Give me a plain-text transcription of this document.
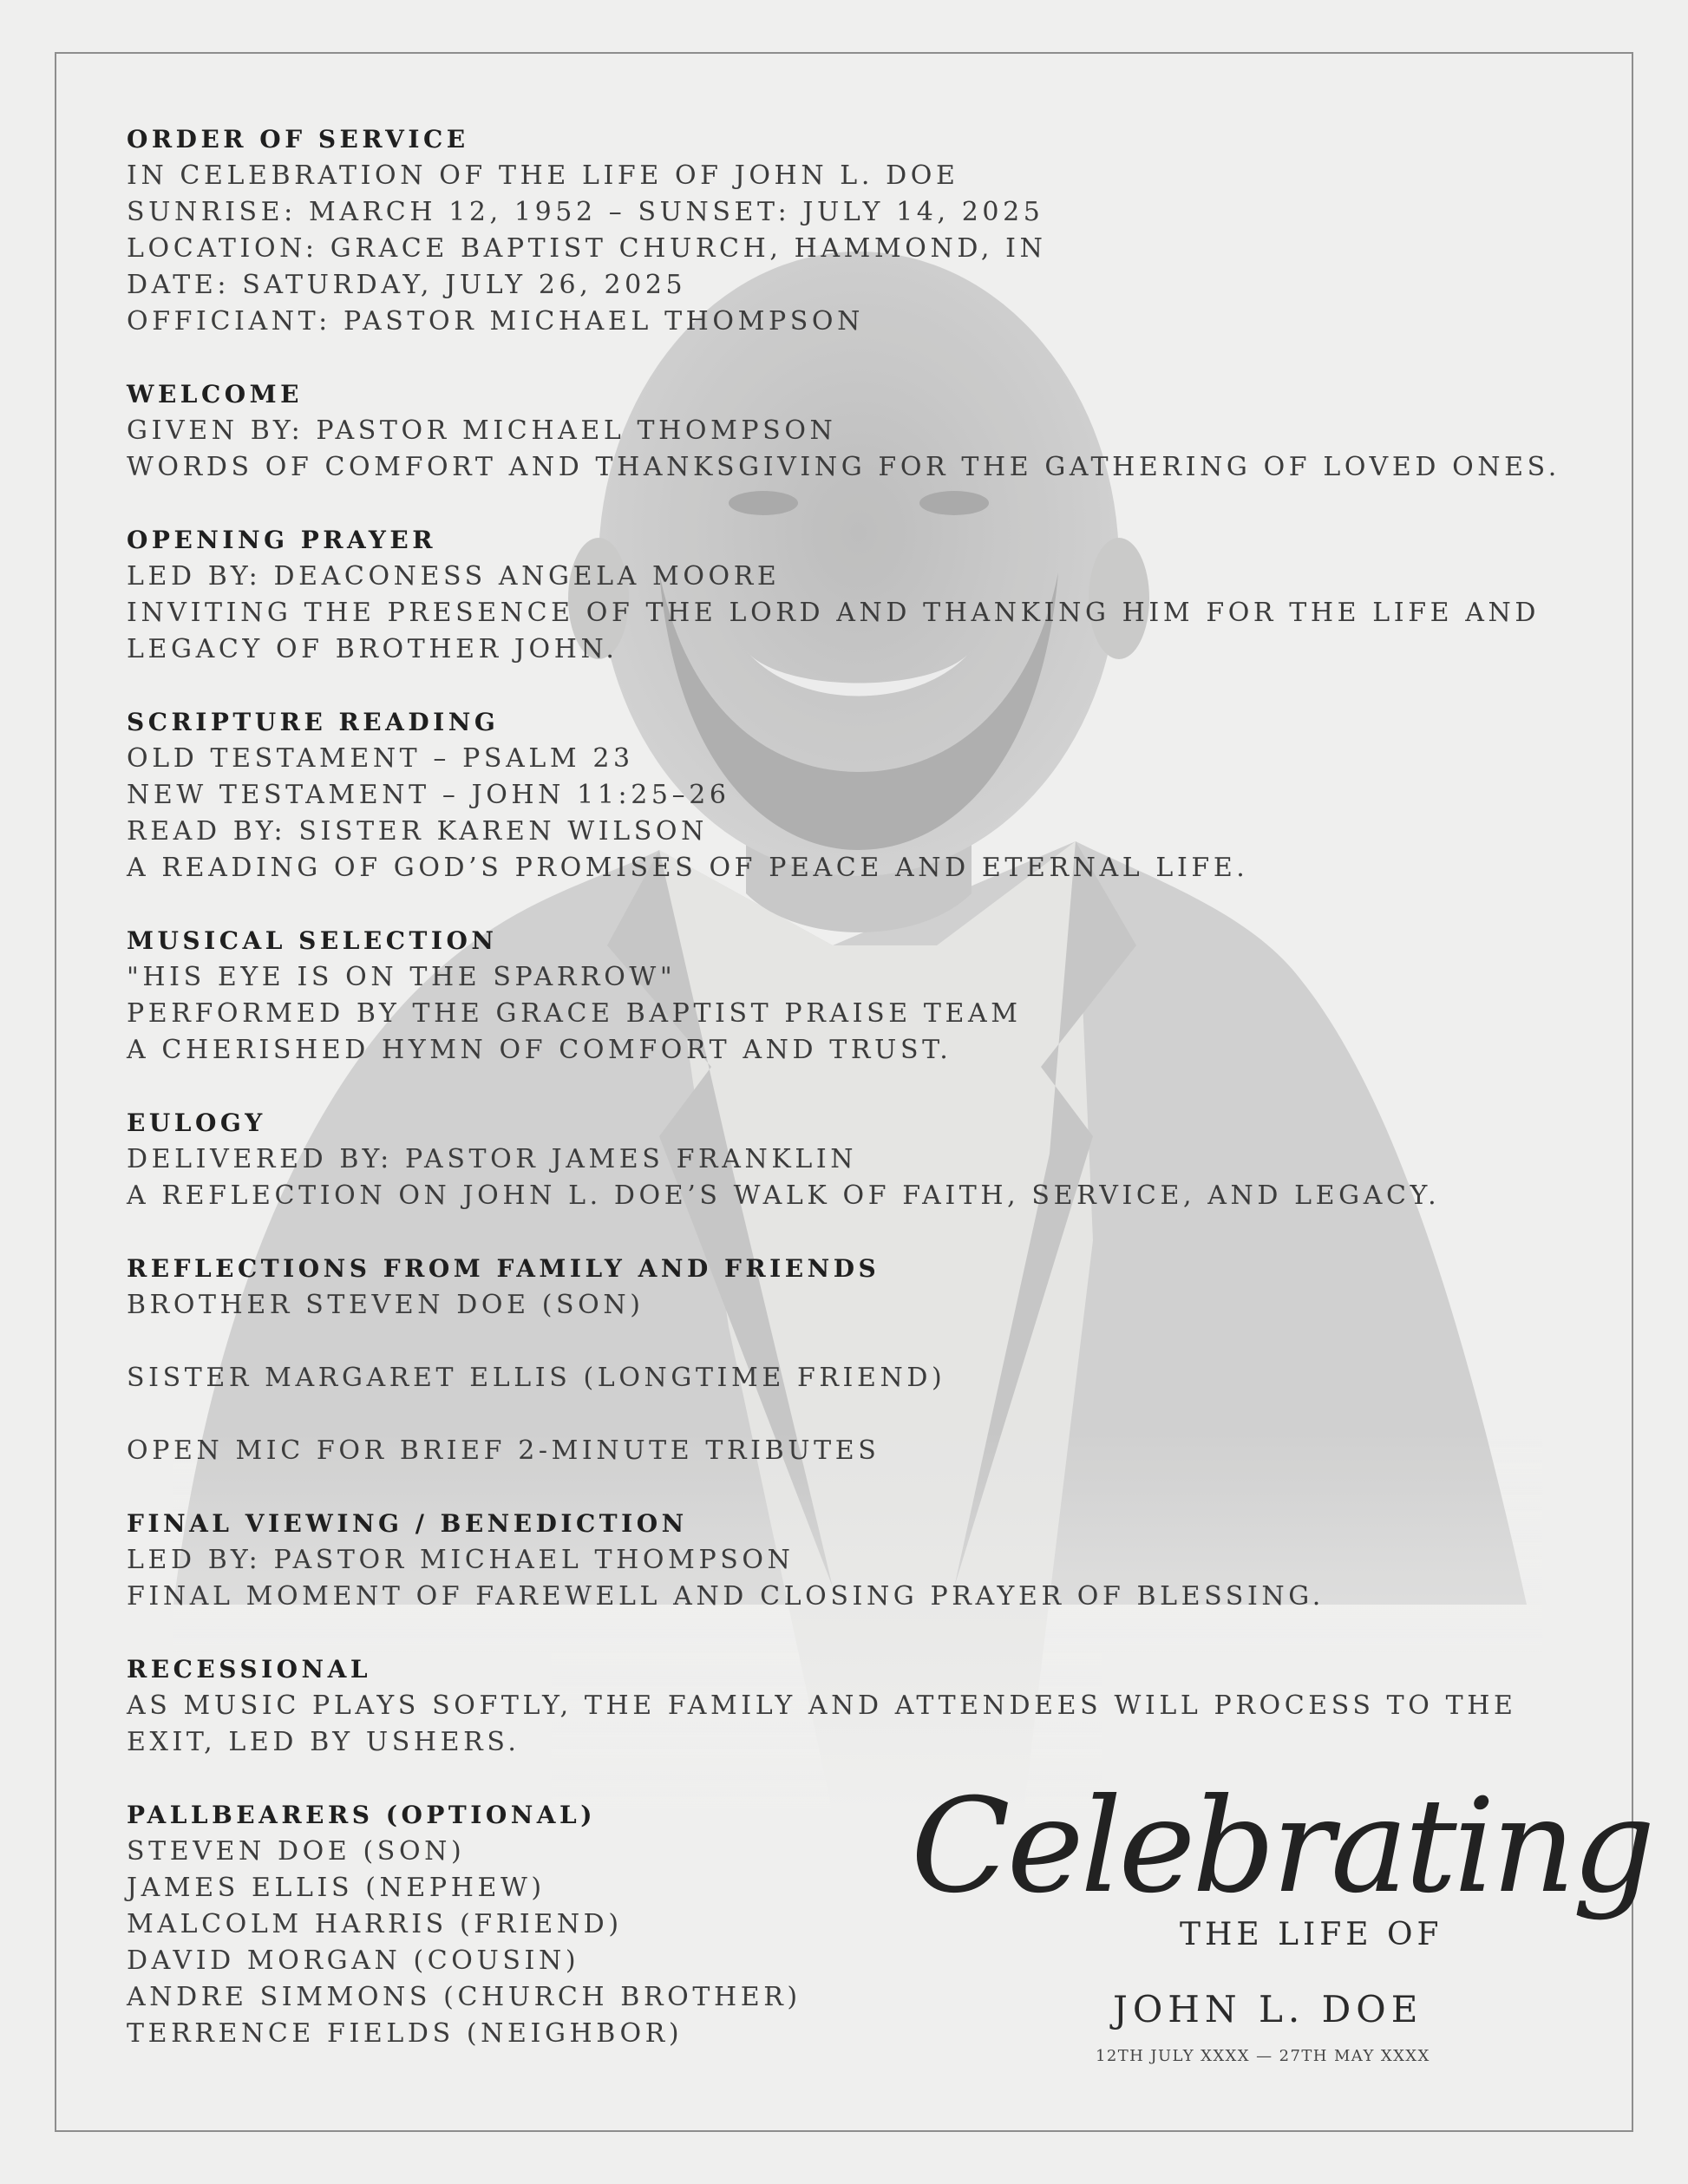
ORDER OF SERVICE
IN CELEBRATION OF THE LIFE OF JOHN L. DOE
SUNRISE: MARCH 12, 1952 – SUNSET: JULY 14, 2025
LOCATION: GRACE BAPTIST CHURCH, HAMMOND, IN
DATE: SATURDAY, JULY 26, 2025
OFFICIANT: PASTOR MICHAEL THOMPSON
WELCOME
GIVEN BY: PASTOR MICHAEL THOMPSON
WORDS OF COMFORT AND THANKSGIVING FOR THE GATHERING OF LOVED ONES.
OPENING PRAYER
LED BY: DEACONESS ANGELA MOORE
INVITING THE PRESENCE OF THE LORD AND THANKING HIM FOR THE LIFE AND
LEGACY OF BROTHER JOHN.
SCRIPTURE READING
OLD TESTAMENT – PSALM 23
NEW TESTAMENT – JOHN 11:25–26
READ BY: SISTER KAREN WILSON
A READING OF GOD’S PROMISES OF PEACE AND ETERNAL LIFE.
MUSICAL SELECTION
"HIS EYE IS ON THE SPARROW"
PERFORMED BY THE GRACE BAPTIST PRAISE TEAM
A CHERISHED HYMN OF COMFORT AND TRUST.
EULOGY
DELIVERED BY: PASTOR JAMES FRANKLIN
A REFLECTION ON JOHN L. DOE’S WALK OF FAITH, SERVICE, AND LEGACY.
REFLECTIONS FROM FAMILY AND FRIENDS
BROTHER STEVEN DOE (SON)
SISTER MARGARET ELLIS (LONGTIME FRIEND)
OPEN MIC FOR BRIEF 2-MINUTE TRIBUTES
FINAL VIEWING / BENEDICTION
LED BY: PASTOR MICHAEL THOMPSON
FINAL MOMENT OF FAREWELL AND CLOSING PRAYER OF BLESSING.
RECESSIONAL
AS MUSIC PLAYS SOFTLY, THE FAMILY AND ATTENDEES WILL PROCESS TO THE
EXIT, LED BY USHERS.
PALLBEARERS (OPTIONAL)
STEVEN DOE (SON)
JAMES ELLIS (NEPHEW)
MALCOLM HARRIS (FRIEND)
DAVID MORGAN (COUSIN)
ANDRE SIMMONS (CHURCH BROTHER)
TERRENCE FIELDS (NEIGHBOR)
Celebrating
THE LIFE OF
JOHN L. DOE
12TH JULY XXXX — 27TH MAY XXXX
